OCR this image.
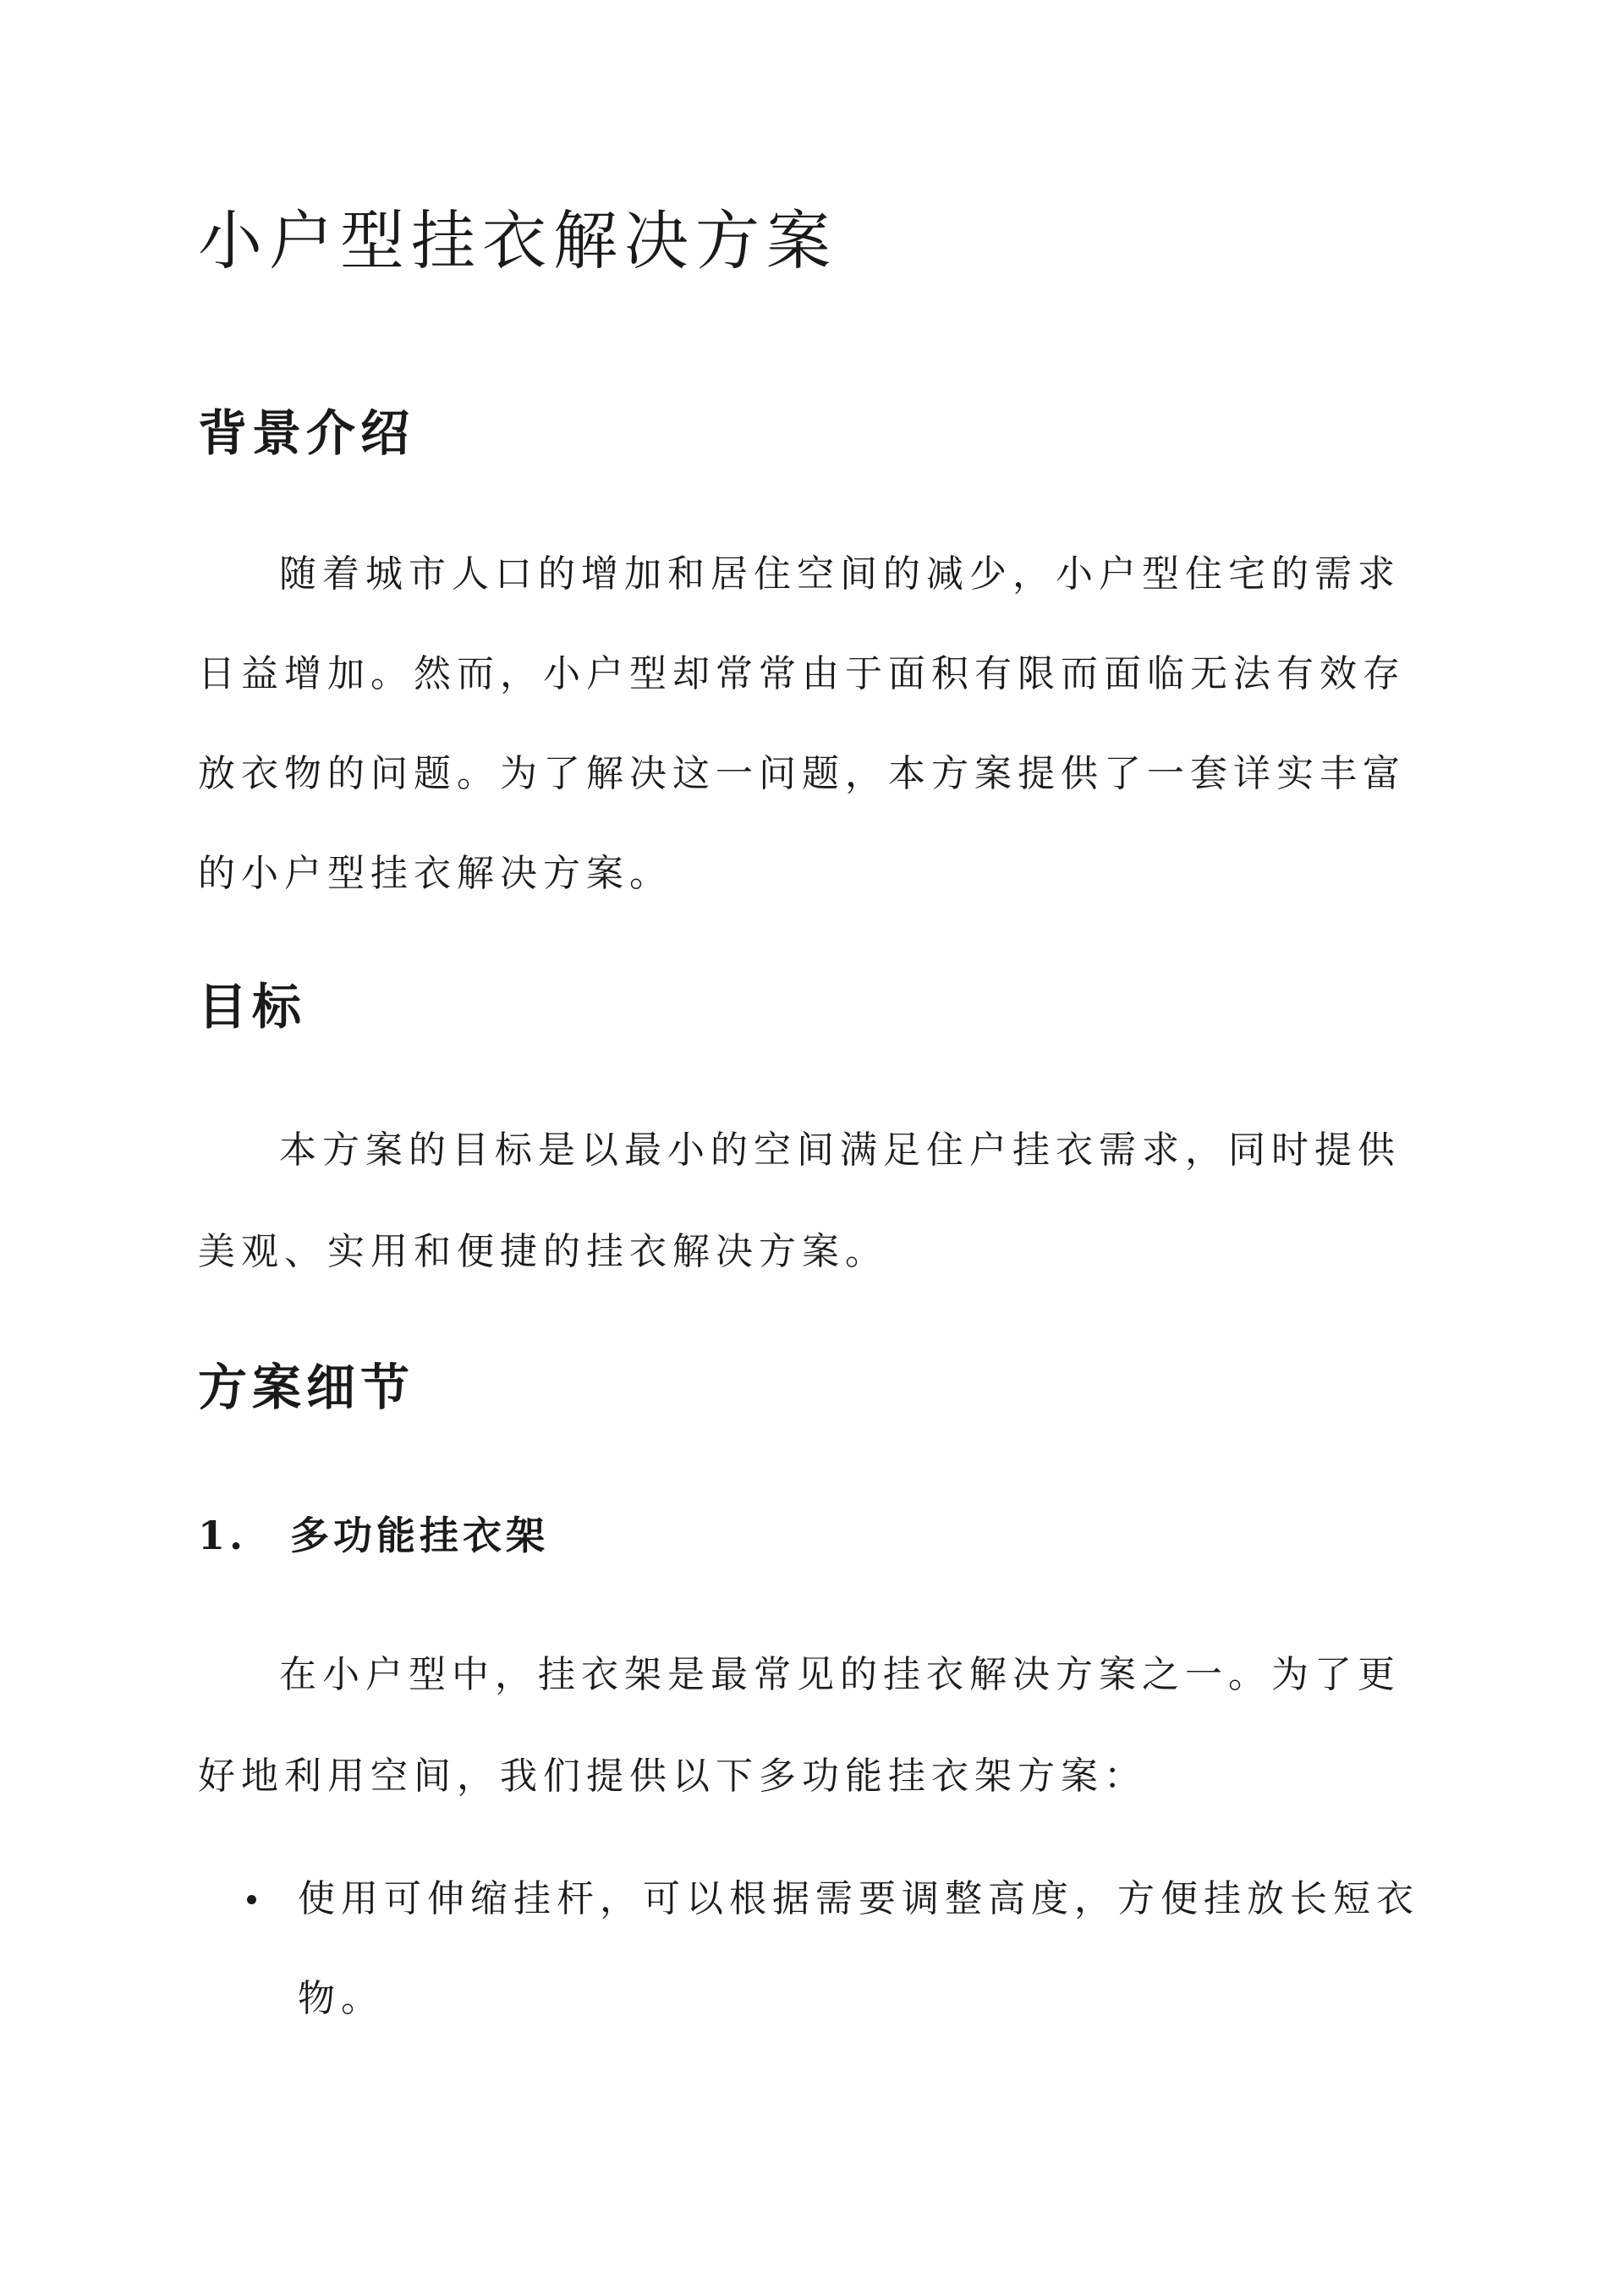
小户型挂衣解决方案
背景介绍

随着城市人口的增加和居住空间的减少，小户型住宅的需求日益增加。然而，小户型却常常由于面积有限而面临无法有效存放衣物的问题。为了解决这一问题，本方案提供了一套详实丰富的小户型挂衣解决方案。

目标

本方案的目标是以最小的空间满足住户挂衣需求，同时提供美观、实用和便捷的挂衣解决方案。

方案细节
1.　多功能挂衣架

在小户型中，挂衣架是最常见的挂衣解决方案之一。为了更好地利用空间，我们提供以下多功能挂衣架方案：

使用可伸缩挂杆，可以根据需要调整高度，方便挂放长短衣物。
